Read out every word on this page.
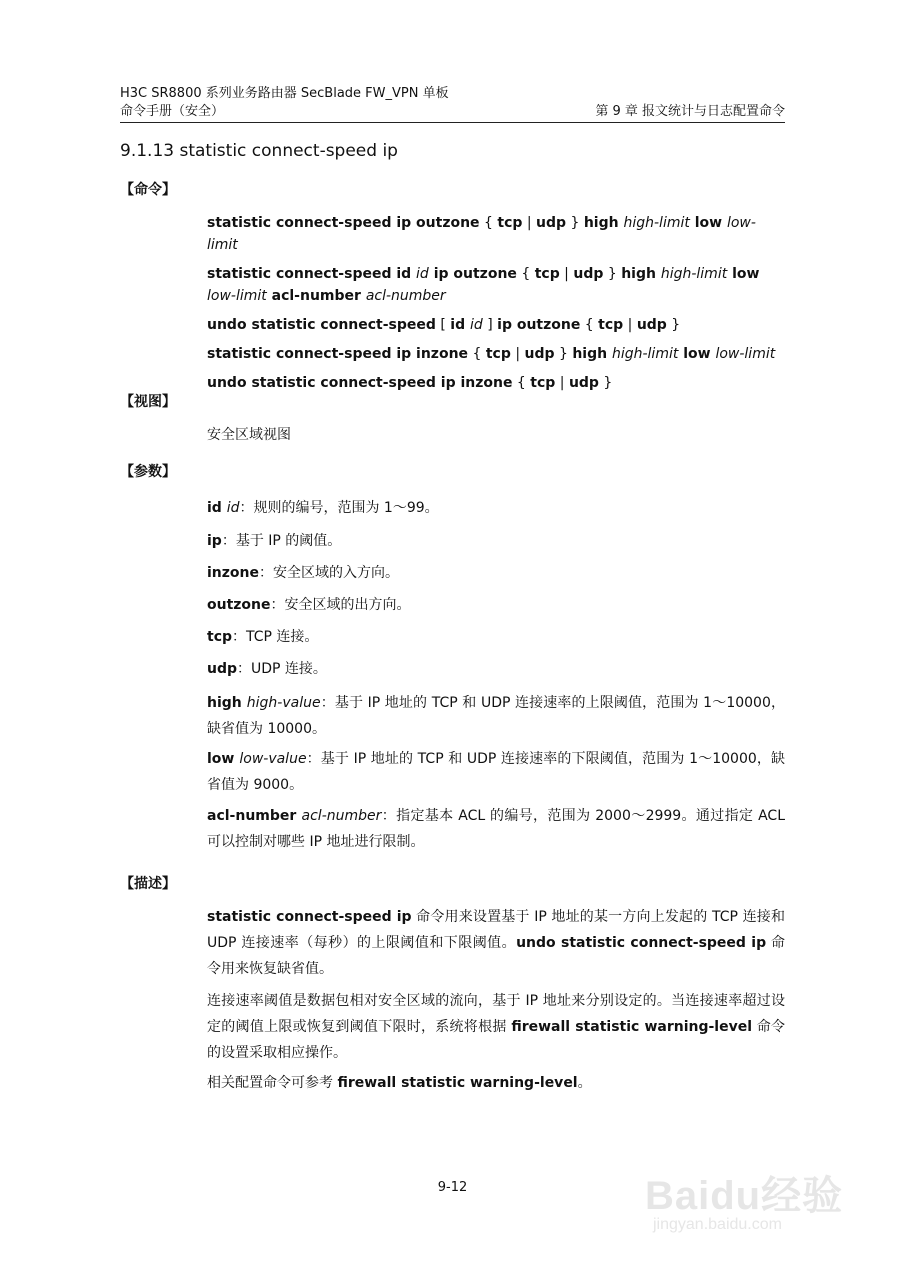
H3C SR8800 系列业务路由器 SecBlade FW_VPN 单板
命令手册（安全）	第 9 章 报文统计与日志配置命令
9.1.13 statistic connect-speed ip
【命令】

statistic connect-speed ip outzone { tcp | udp } high high-limit low low-limit

statistic connect-speed id id ip outzone { tcp | udp } high high-limit low low-limit acl-number acl-number

undo statistic connect-speed [ id id ] ip outzone { tcp | udp }

statistic connect-speed ip inzone { tcp | udp } high high-limit low low-limit

undo statistic connect-speed ip inzone { tcp | udp }

【视图】
安全区域视图
【参数】
id id：规则的编号，范围为 1～99。
ip：基于 IP 的阈值。
inzone：安全区域的入方向。
outzone：安全区域的出方向。
tcp：TCP 连接。
udp：UDP 连接。
high high-value：基于 IP 地址的 TCP 和 UDP 连接速率的上限阈值，范围为 1～10000，缺省值为 10000。
low low-value：基于 IP 地址的 TCP 和 UDP 连接速率的下限阈值，范围为 1～10000，缺省值为 9000。
acl-number acl-number：指定基本 ACL 的编号，范围为 2000～2999。通过指定 ACL 可以控制对哪些 IP 地址进行限制。
【描述】
statistic connect-speed ip 命令用来设置基于 IP 地址的某一方向上发起的 TCP 连接和 UDP 连接速率（每秒）的上限阈值和下限阈值。undo statistic connect-speed ip 命令用来恢复缺省值。
连接速率阈值是数据包相对安全区域的流向，基于 IP 地址来分别设定的。当连接速率超过设定的阈值上限或恢复到阈值下限时，系统将根据 firewall statistic warning-level 命令的设置采取相应操作。
相关配置命令可参考 firewall statistic warning-level。
9-12	Baidu经验
jingyan.baidu.com
